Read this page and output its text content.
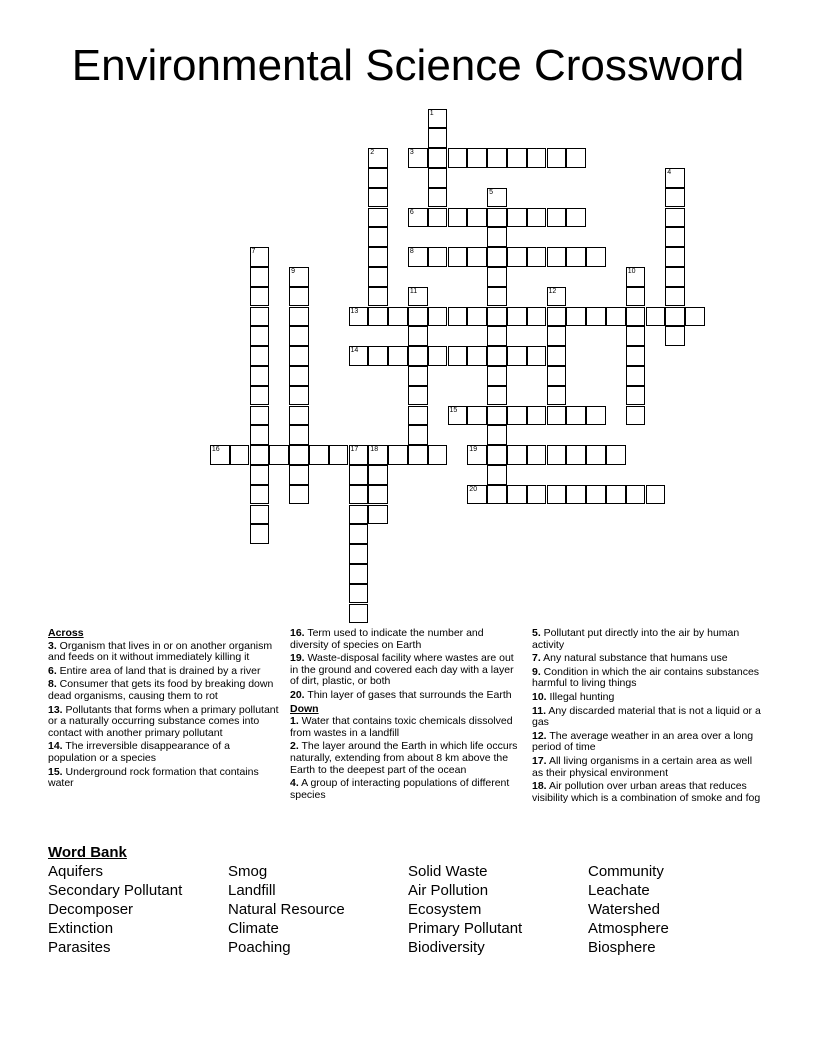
Environmental Science Crossword
3
6
8
13
14
15
16	17 18	19
20
1
2
4
5
7
9	10
11	12
Across
3. Organism that lives in or on another organism and feeds on it without immediately killing it
6. Entire area of land that is drained by a river
8. Consumer that gets its food by breaking down dead organisms, causing them to rot
13. Pollutants that forms when a primary pollutant or a naturally occurring substance comes into contact with another primary pollutant
14. The irreversible disappearance of a population or a species
15. Underground rock formation that contains water
16. Term used to indicate the number and diversity of species on Earth
19. Waste-disposal facility where wastes are out in the ground and covered each day with a layer of dirt, plastic, or both
20. Thin layer of gases that surrounds the Earth
Down
1. Water that contains toxic chemicals dissolved from wastes in a landfill
2. The layer around the Earth in which life occurs naturally, extending from about 8 km above the Earth to the deepest part of the ocean
4. A group of interacting populations of different species
5. Pollutant put directly into the air by human activity
7. Any natural substance that humans use
9. Condition in which the air contains substances harmful to living things
10. Illegal hunting
11. Any discarded material that is not a liquid or a gas
12. The average weather in an area over a long period of time
17. All living organisms in a certain area as well as their physical environment
18. Air pollution over urban areas that reduces visibility which is a combination of smoke and fog
Word Bank
Aquifers
Secondary Pollutant
Decomposer
Extinction
Parasites
Smog
Landfill
Natural Resource
Climate
Poaching
Solid Waste
Air Pollution
Ecosystem
Primary Pollutant
Biodiversity
Community
Leachate
Watershed
Atmosphere
Biosphere
